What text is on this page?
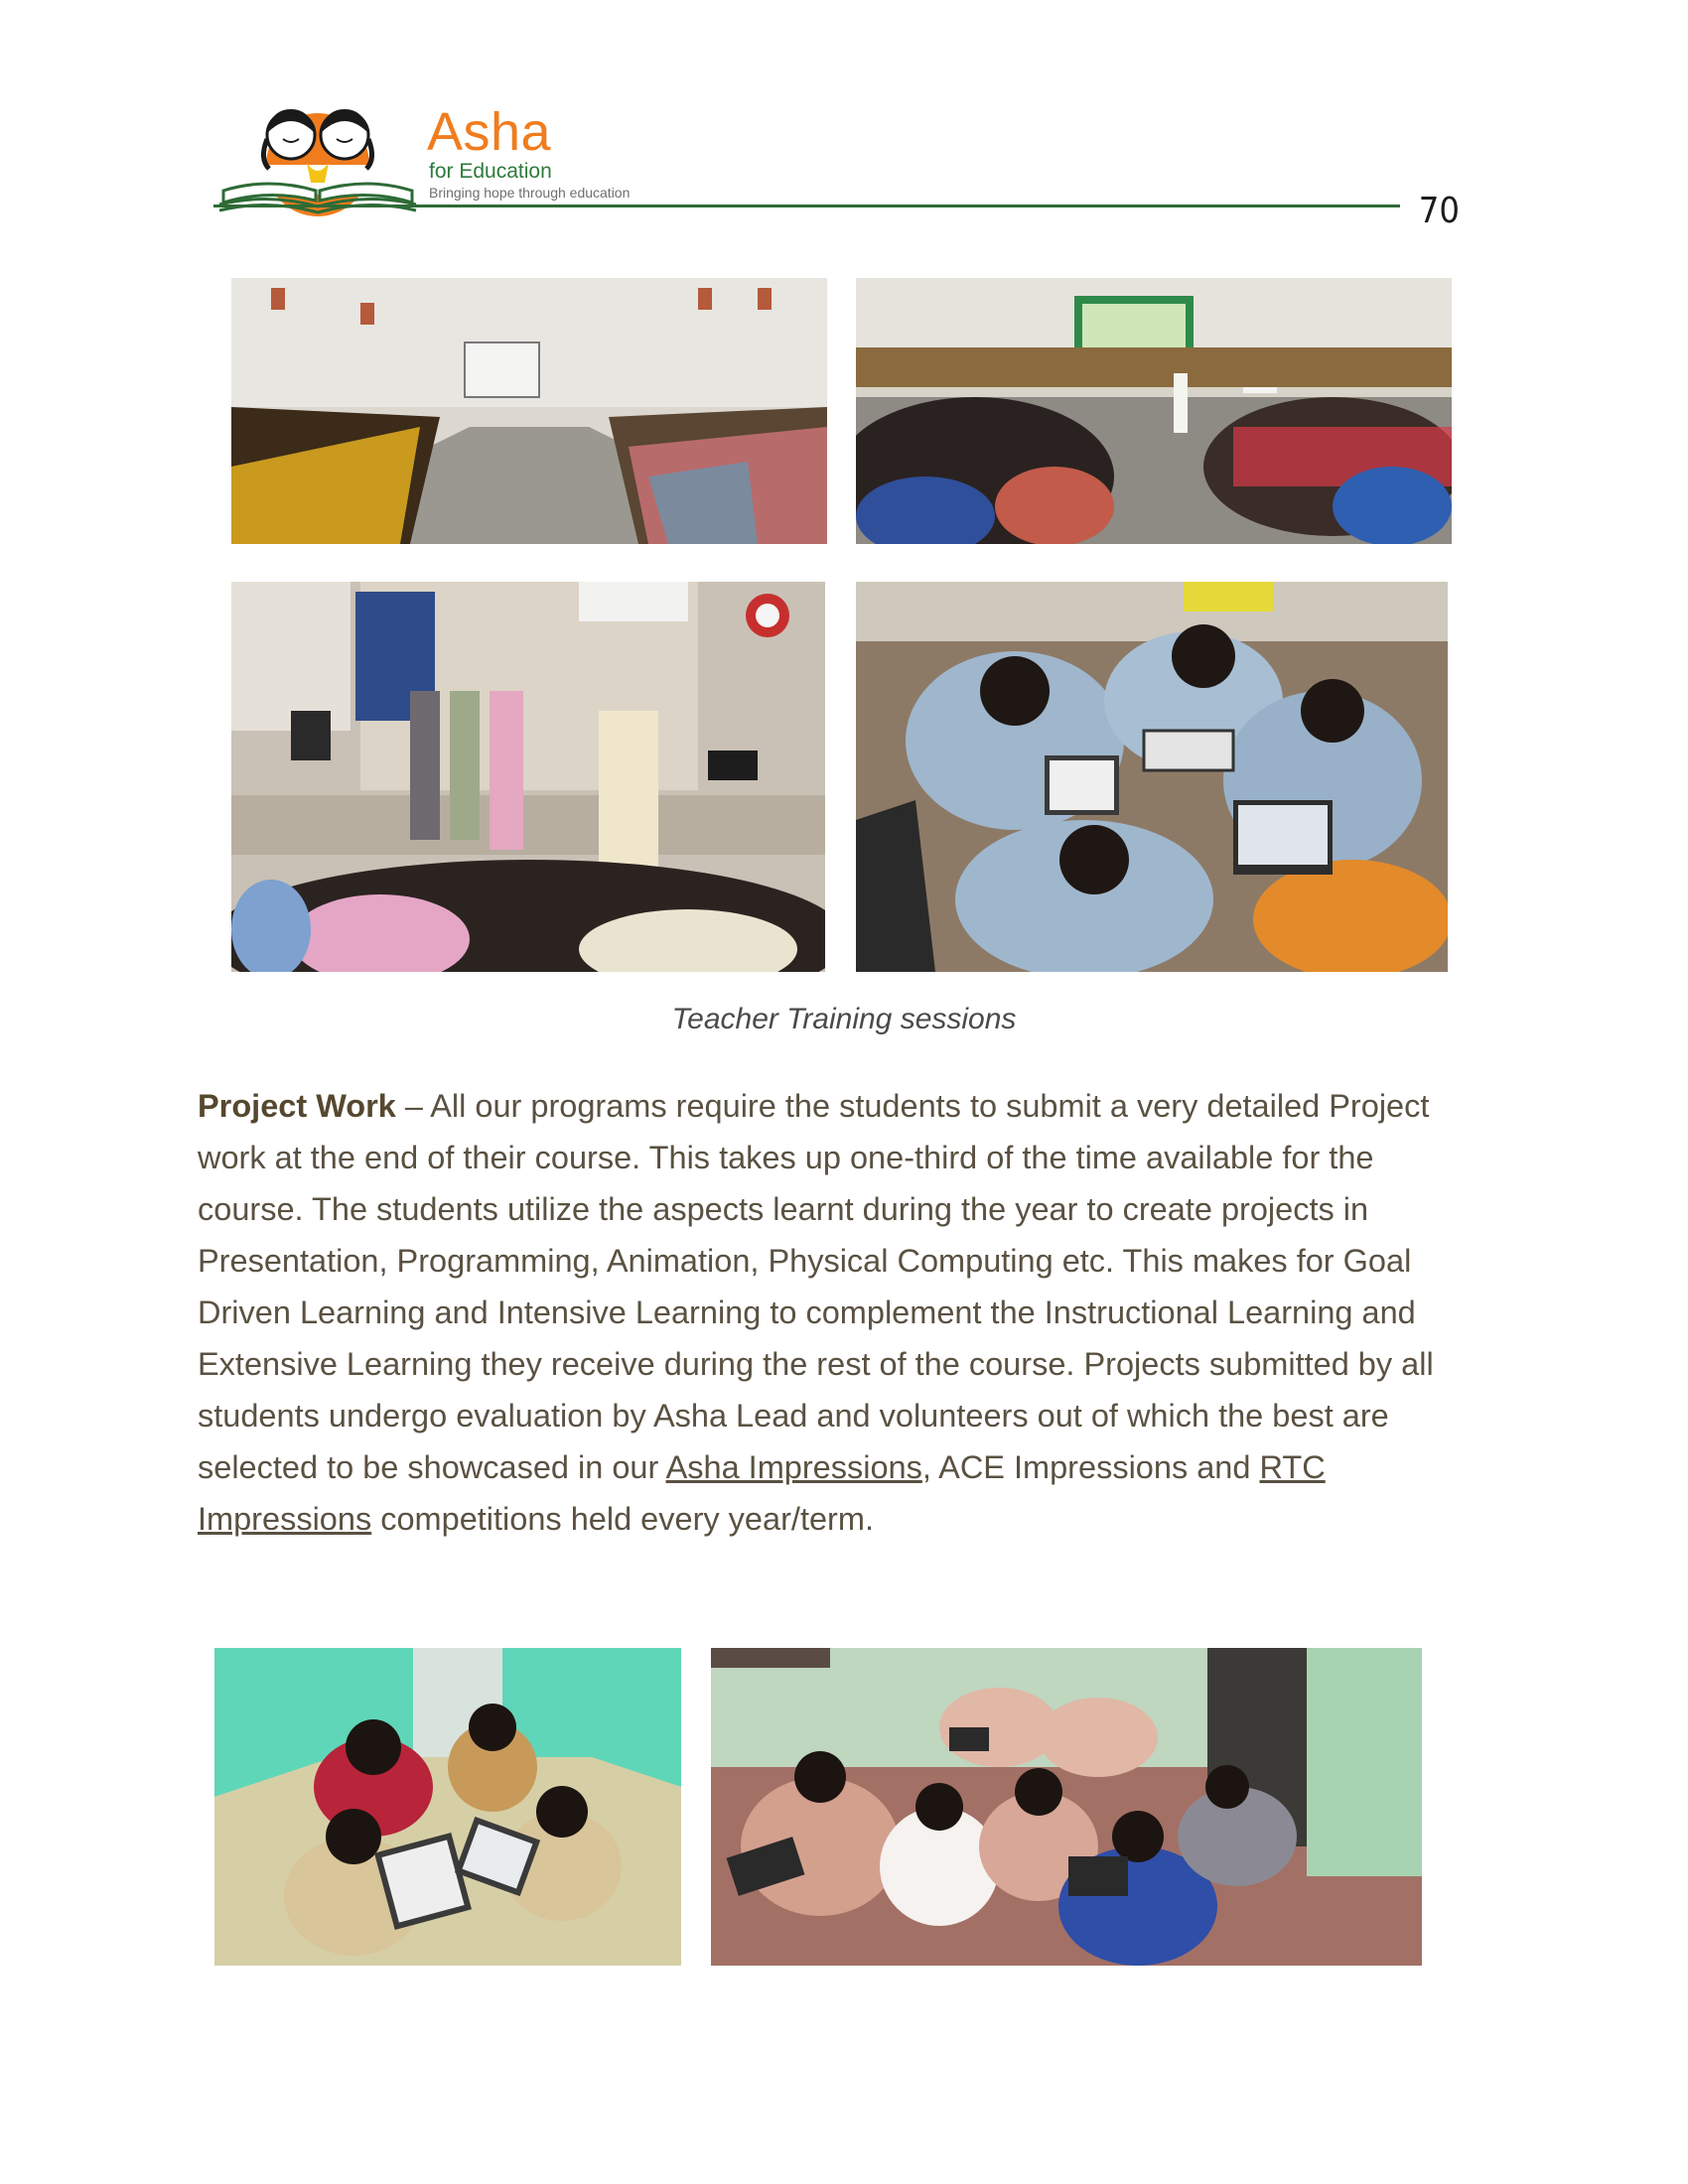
Asha
for Education
Bringing hope through education	70
Teacher Training sessions
Project Work – All our programs require the students to submit a very detailed Project work at the end of their course. This takes up one-third of the time available for the course. The students utilize the aspects learnt during the year to create projects in Presentation, Programming, Animation, Physical Computing etc. This makes for Goal Driven Learning and Intensive Learning to complement the Instructional Learning and Extensive Learning they receive during the rest of the course. Projects submitted by all students undergo evaluation by Asha Lead and volunteers out of which the best are selected to be showcased in our Asha Impressions, ACE Impressions and RTC Impressions competitions held every year/term.
